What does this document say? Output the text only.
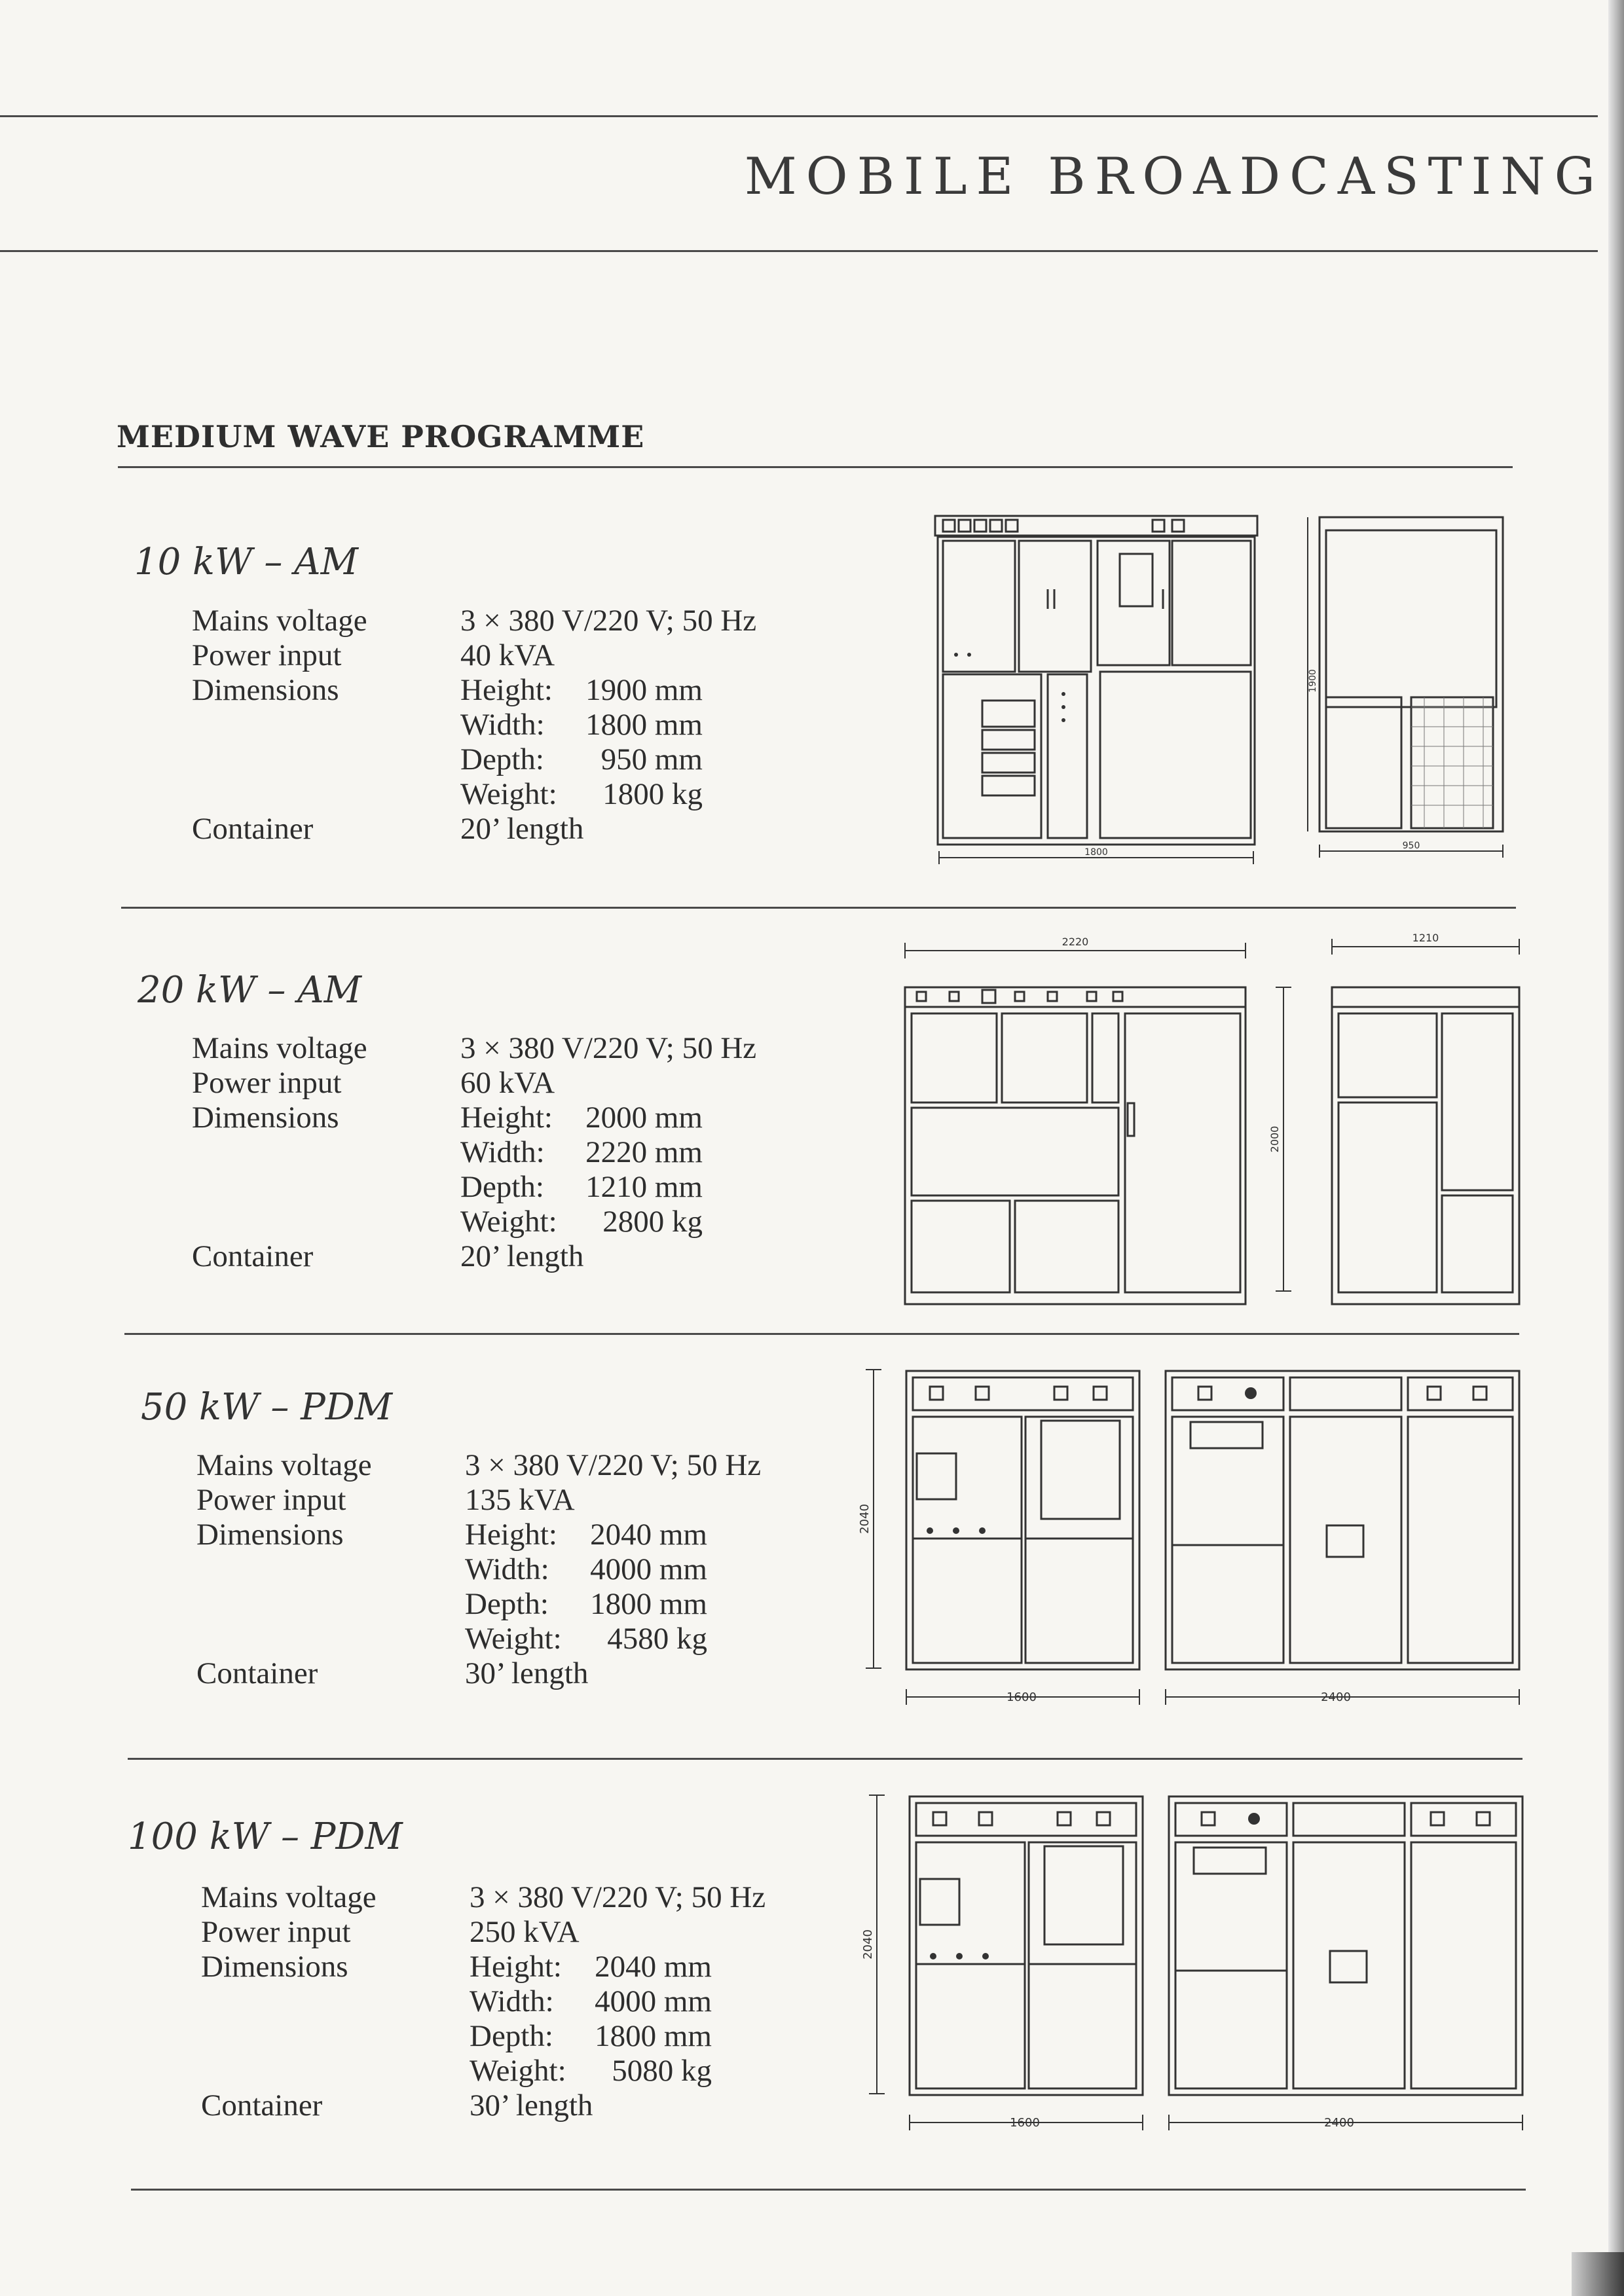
MOBILE BROADCASTING
MEDIUM WAVE PROGRAMME
10 kW – AM
Mains voltage	3 × 380 V/220 V; 50 Hz
Power input	40 kVA
Dimensions	Height: 1900 mm
Width: 1800 mm
Depth: 950 mm
Weight: 1800 kg
Container	20’ length
1800
950
1900
20 kW – AM
Mains voltage	3 × 380 V/220 V; 50 Hz
Power input	60 kVA
Dimensions	Height: 2000 mm
Width: 2220 mm
Depth: 1210 mm
Weight: 2800 kg
Container	20’ length
2220	1210
2000
50 kW – PDM
Mains voltage	3 × 380 V/220 V; 50 Hz
Power input	135 kVA
Dimensions	Height: 2040 mm
Width: 4000 mm
Depth: 1800 mm
Weight: 4580 kg
Container	30’ length
2040
1600	2400
100 kW – PDM
Mains voltage	3 × 380 V/220 V; 50 Hz
Power input	250 kVA
Dimensions	Height: 2040 mm
Width: 4000 mm
Depth: 1800 mm
Weight: 5080 kg
Container	30’ length
2040
1600	2400
